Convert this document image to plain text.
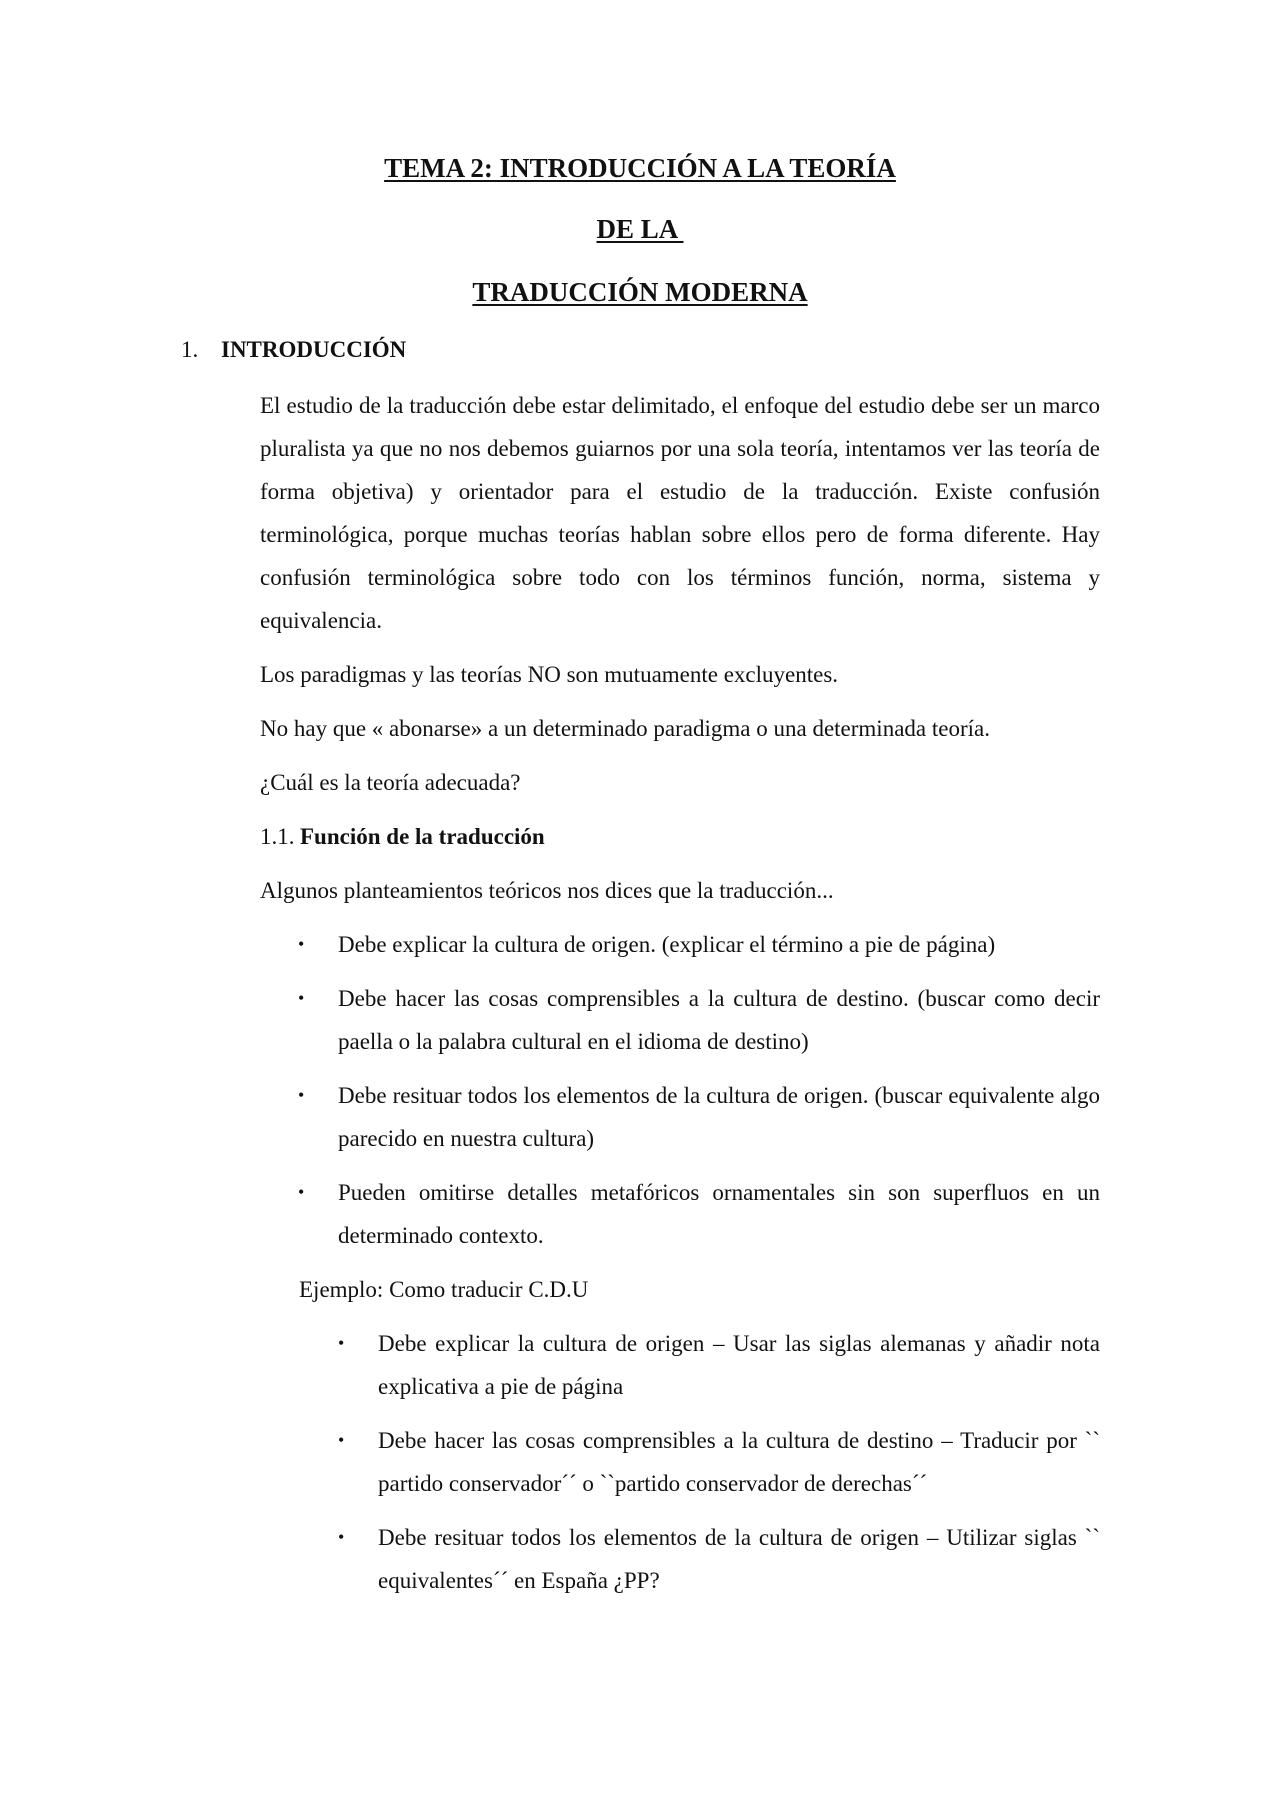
TEMA 2: INTRODUCCIÓN A LA TEORÍA
DE LA
TRADUCCIÓN MODERNA
1. INTRODUCCIÓN

El estudio de la traducción debe estar delimitado, el enfoque del estudio debe ser un marco pluralista ya que no nos debemos guiarnos por una sola teoría, intentamos ver las teoría de forma objetiva) y orientador para el estudio de la traducción. Existe confusión terminológica, porque muchas teorías hablan sobre ellos pero de forma diferente. Hay confusión terminológica sobre todo con los términos función, norma, sistema y equivalencia.

Los paradigmas y las teorías NO son mutuamente excluyentes.

No hay que « abonarse» a un determinado paradigma o una determinada teoría.

¿Cuál es la teoría adecuada?

1.1. Función de la traducción

Algunos planteamientos teóricos nos dices que la traducción...

• Debe explicar la cultura de origen. (explicar el término a pie de página)
• Debe hacer las cosas comprensibles a la cultura de destino. (buscar como decir paella o la palabra cultural en el idioma de destino)
• Debe resituar todos los elementos de la cultura de origen. (buscar equivalente algo parecido en nuestra cultura)
• Pueden omitirse detalles metafóricos ornamentales sin son superfluos en un determinado contexto.

Ejemplo: Como traducir C.D.U

• Debe explicar la cultura de origen – Usar las siglas alemanas y añadir nota explicativa a pie de página
• Debe hacer las cosas comprensibles a la cultura de destino – Traducir por `` partido conservador´´ o ``partido conservador de derechas´´
• Debe resituar todos los elementos de la cultura de origen – Utilizar siglas `` equivalentes´´ en España ¿PP?
